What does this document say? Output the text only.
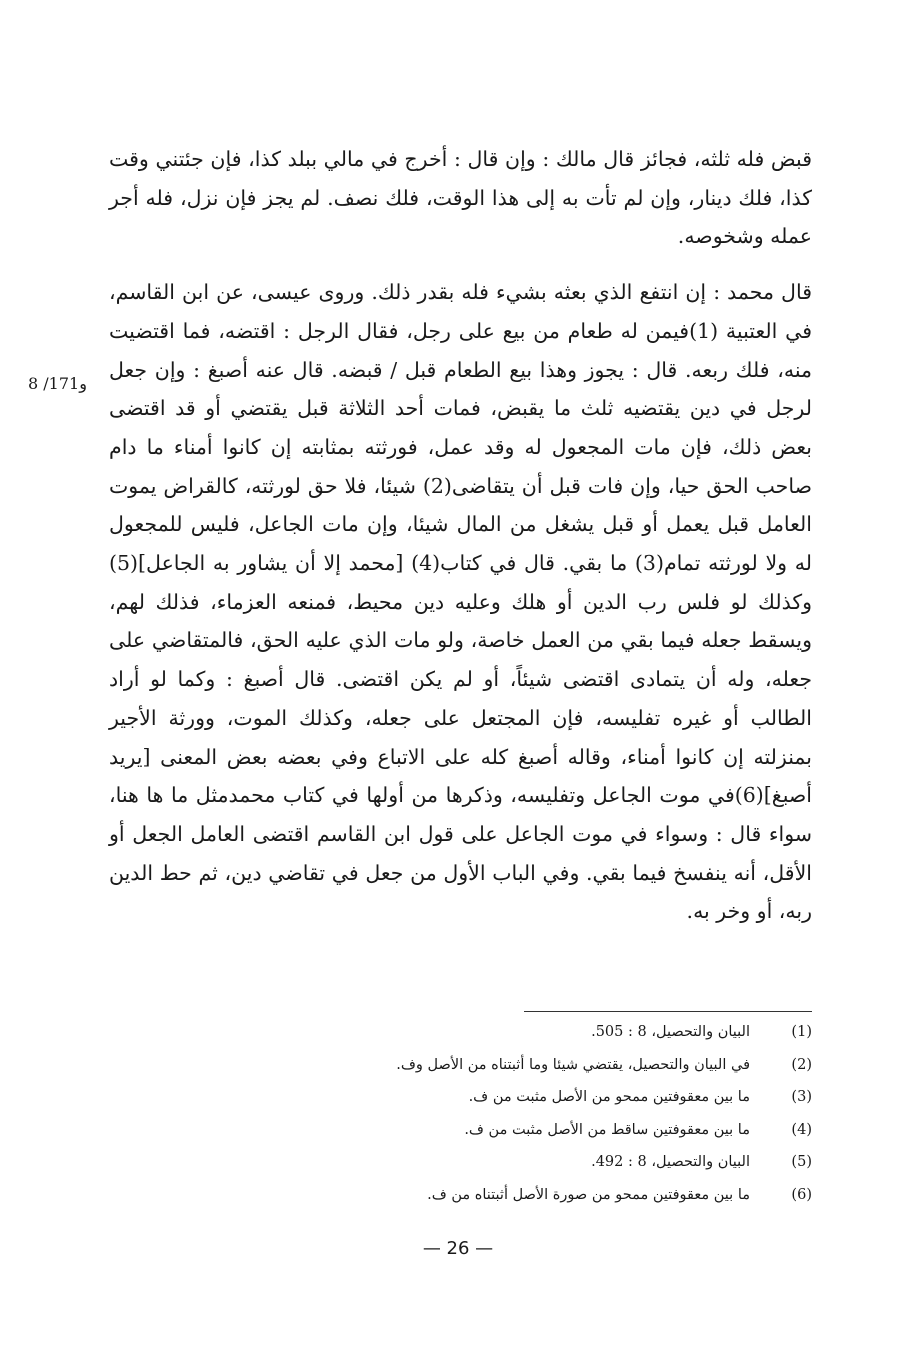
قبض فله ثلثه، فجائز قال مالك : وإن قال : أخرج في مالي ببلد كذا، فإن جئتني وقت كذا، فلك دينار، وإن لم تأت به إلى هذا الوقت، فلك نصف. لم يجز فإن نزل، فله أجر عمله وشخوصه.

قال محمد : إن انتفع الذي بعثه بشيء فله بقدر ذلك. وروى عيسى، عن ابن القاسم، في العتبية (1)فيمن له طعام من بيع على رجل، فقال الرجل : اقتضه، فما اقتضيت منه، فلك ربعه. قال : يجوز وهذا بيع الطعام قبل / قبضه. قال عنه أصبغ : وإن جعل لرجل في دين يقتضيه ثلث ما يقبض، فمات أحد الثلاثة قبل يقتضي أو قد اقتضى بعض ذلك، فإن مات المجعول له وقد عمل، فورثته بمثابته إن كانوا أمناء ما دام صاحب الحق حيا، وإن فات قبل أن يتقاضى(2) شيئا، فلا حق لورثته، كالقراض يموت العامل قبل يعمل أو قبل يشغل من المال شيئا، وإن مات الجاعل، فليس للمجعول له ولا لورثته تمام(3) ما بقي. قال في كتاب(4) [محمد إلا أن يشاور به الجاعل](5) وكذلك لو فلس رب الدين أو هلك وعليه دين محيط، فمنعه العزماء، فذلك لهم، ويسقط جعله فيما بقي من العمل خاصة، ولو مات الذي عليه الحق، فالمتقاضي على جعله، وله أن يتمادى اقتضى شيئاً، أو لم يكن اقتضى. قال أصبغ : وكما لو أراد الطالب أو غيره تفليسه، فإن المجتعل على جعله، وكذلك الموت، وورثة الأجير بمنزلته إن كانوا أمناء، وقاله أصبغ كله على الاتباع وفي بعضه بعض المعنى [يريد أصبغ](6)في موت الجاعل وتفليسه، وذكرها من أولها في كتاب محمدمثل ما ها هنا، سواء قال : وسواء في موت الجاعل على قول ابن القاسم اقتضى العامل الجعل أو الأقل، أنه ينفسخ فيما بقي. وفي الباب الأول من جعل في تقاضي دين، ثم حط الدين ربه، أو وخر به.

8 /171و
(1)
البيان والتحصيل، 8 : 505.
(2)
في البيان والتحصيل، يقتضي شيئا وما أثبتناه من الأصل وف.
(3)
ما بين معقوفتين ممحو من الأصل مثبت من ف.
(4)
ما بين معقوفتين ساقط من الأصل مثبت من ف.
(5)
البيان والتحصيل، 8 : 492.
(6)
ما بين معقوفتين ممحو من صورة الأصل أثبتناه من ف.
— 26 —
